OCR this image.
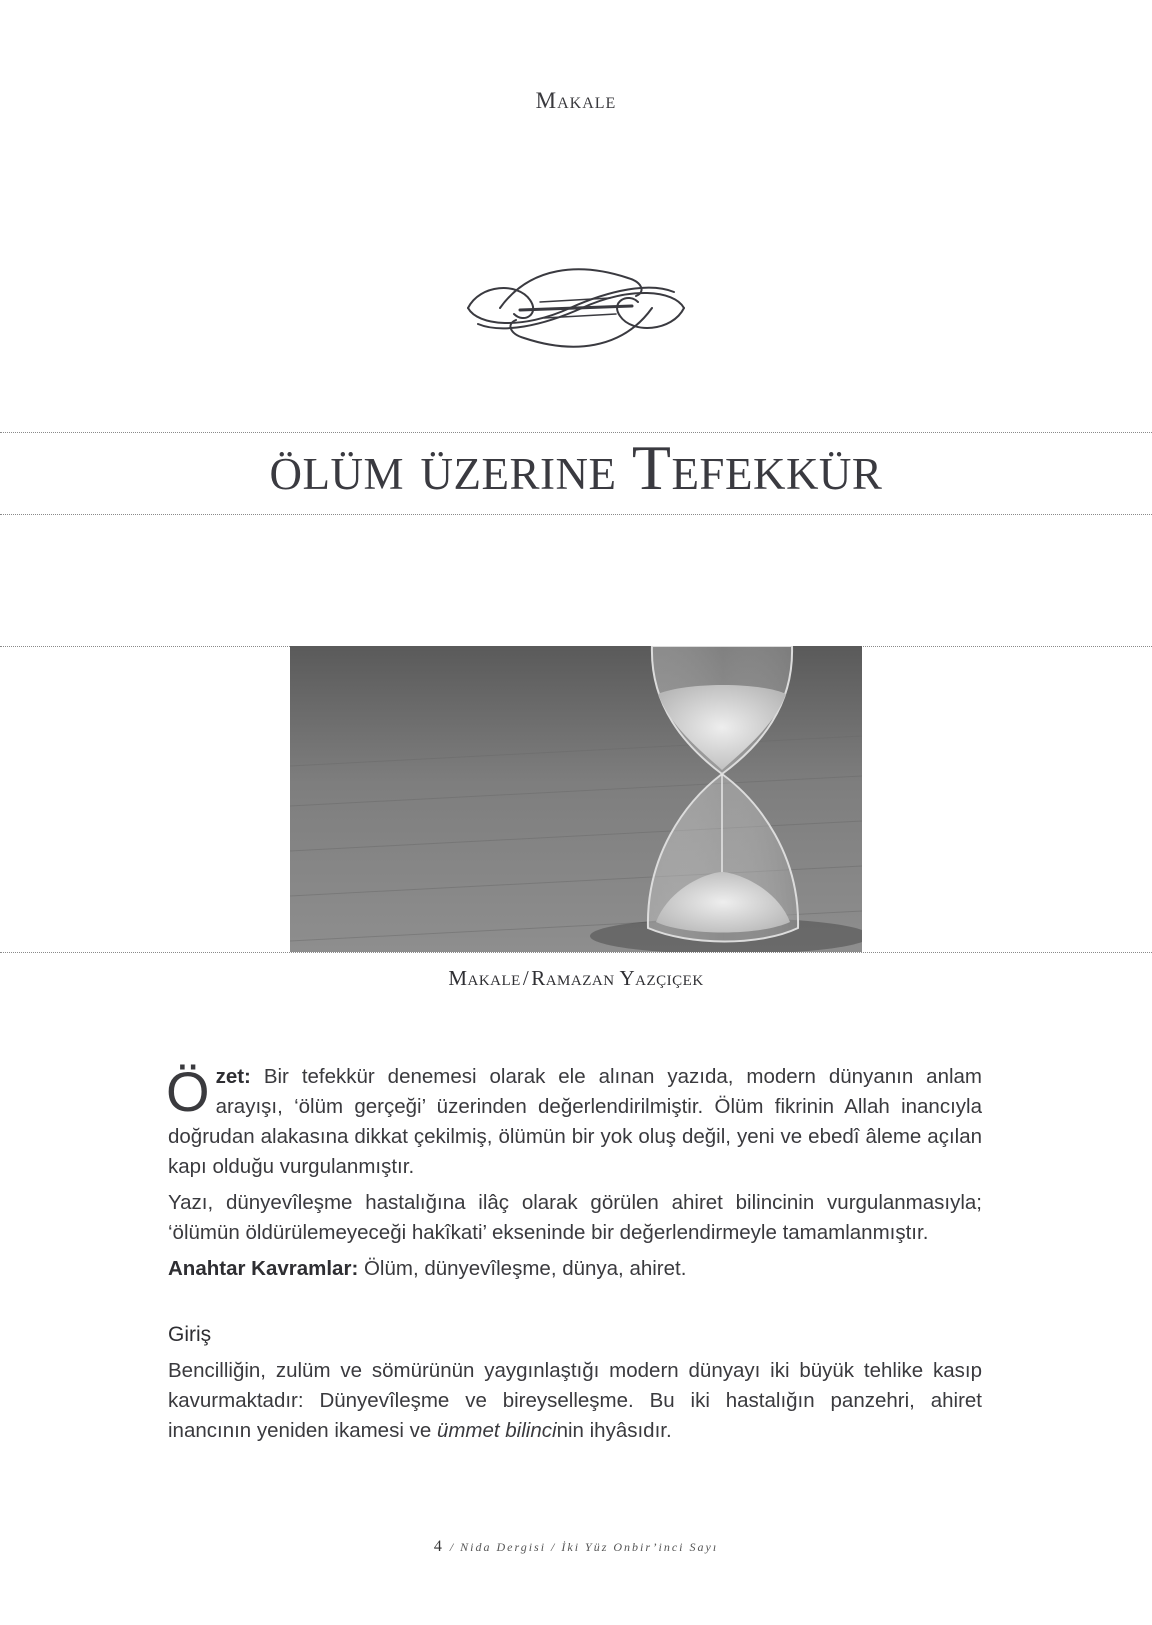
Makale
ölüm üzerine Tefekkür
Makale/Ramazan Yazçiçek

Özet: Bir tefekkür denemesi olarak ele alınan yazıda, modern dünyanın anlam arayışı, ‘ölüm gerçeği’ üzerinden değerlendirilmiştir. Ölüm fikrinin Allah inancıyla doğrudan alakasına dikkat çekilmiş, ölümün bir yok oluş değil, yeni ve ebedî âleme açılan kapı olduğu vurgulanmıştır.

Yazı, dünyevîleşme hastalığına ilâç olarak görülen ahiret bilincinin vurgulanmasıyla; ‘ölümün öldürülemeyeceği hakîkati’ ekseninde bir değerlendirmeyle tamamlanmıştır.

Anahtar Kavramlar: Ölüm, dünyevîleşme, dünya, ahiret.

Giriş

Bencilliğin, zulüm ve sömürünün yaygınlaştığı modern dünyayı iki büyük tehlike kasıp kavurmaktadır: Dünyevîleşme ve bireyselleşme. Bu iki hastalığın panzehri, ahiret inancının yeniden ikamesi ve ümmet bilincinin ihyâsıdır.

4 / Nida Dergisi / İki Yüz Onbir’inci Sayı
